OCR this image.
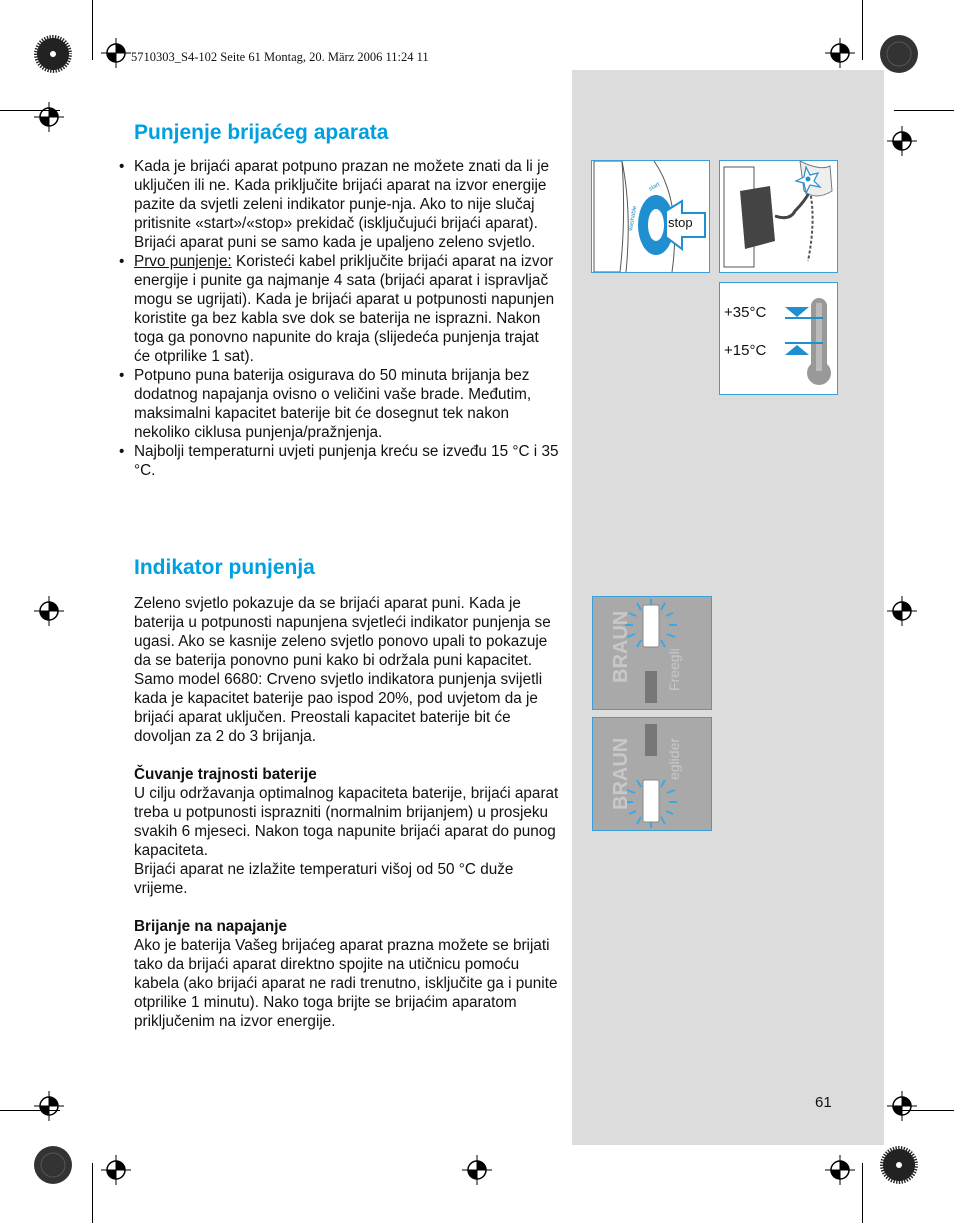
5710303_S4-102 Seite 61 Montag, 20. März 2006 11:24 11
Punjenje brijaćeg aparata

• Kada je brijaći aparat potpuno prazan ne možete znati da li je uključen ili ne. Kada priključite brijaći aparat na izvor energije pazite da svjetli zeleni indikator punje-nja. Ako to nije slučaj pritisnite «start»/«stop» prekidač (isključujući brijaći aparat). Brijaći aparat puni se samo kada je upaljeno zeleno svjetlo.

• Prvo punjenje: Koristeći kabel priključite brijaći aparat na izvor energije i punite ga najmanje 4 sata (brijaći aparat i ispravljač mogu se ugrijati). Kada je brijaći aparat u potpunosti napunjen koristite ga bez kabla sve dok se baterija ne isprazni. Nakon toga ga ponovno napunite do kraja (slijedeća punjenja trajat će otprilike 1 sat).

• Potpuno puna baterija osigurava do 50 minuta brijanja bez dodatnog napajanja ovisno o veličini vaše brade. Međutim, maksimalni kapacitet baterije bit će dosegnut tek nakon nekoliko ciklusa punjenja/pražnjenja.

• Najbolji temperaturni uvjeti punjenja kreću se izveđu 15 °C i 35 °C.

Indikator punjenja

Zeleno svjetlo pokazuje da se brijaći aparat puni. Kada je baterija u potpunosti napunjena svjetleći indikator punjenja se ugasi. Ako se kasnije zeleno svjetlo ponovo upali to pokazuje da se baterija ponovno puni kako bi održala puni kapacitet.

Samo model 6680: Crveno svjetlo indikatora punjenja svijetli kada je kapacitet baterije pao ispod 20%, pod uvjetom da je brijaći aparat uključen. Preostali kapacitet baterije bit će dovoljan za 2 do 3 brijanja.

Čuvanje trajnosti baterije

U cilju održavanja optimalnog kapaciteta baterije, brijaći aparat treba u potpunosti isprazniti (normalnim brijanjem) u prosjeku svakih 6 mjeseci. Nakon toga napunite brijaći aparat do punog kapaciteta.

Brijaći aparat ne izlažite temperaturi višoj od 50 °C duže vrijeme.

Brijanje na napajanje

Ako je baterija Vašeg brijaćeg aparat prazna možete se brijati tako da brijaći aparat direktno spojite na utičnicu pomoću kabela (ako brijaći aparat ne radi trenutno, isključite ga i punite otprilike 1 minutu). Nako toga brijte se brijaćim aparatom priključenim na izvor energije.

stop
start
washable
+35°C
+15°C
BRAUN Freegli
BRAUN eglider
61
